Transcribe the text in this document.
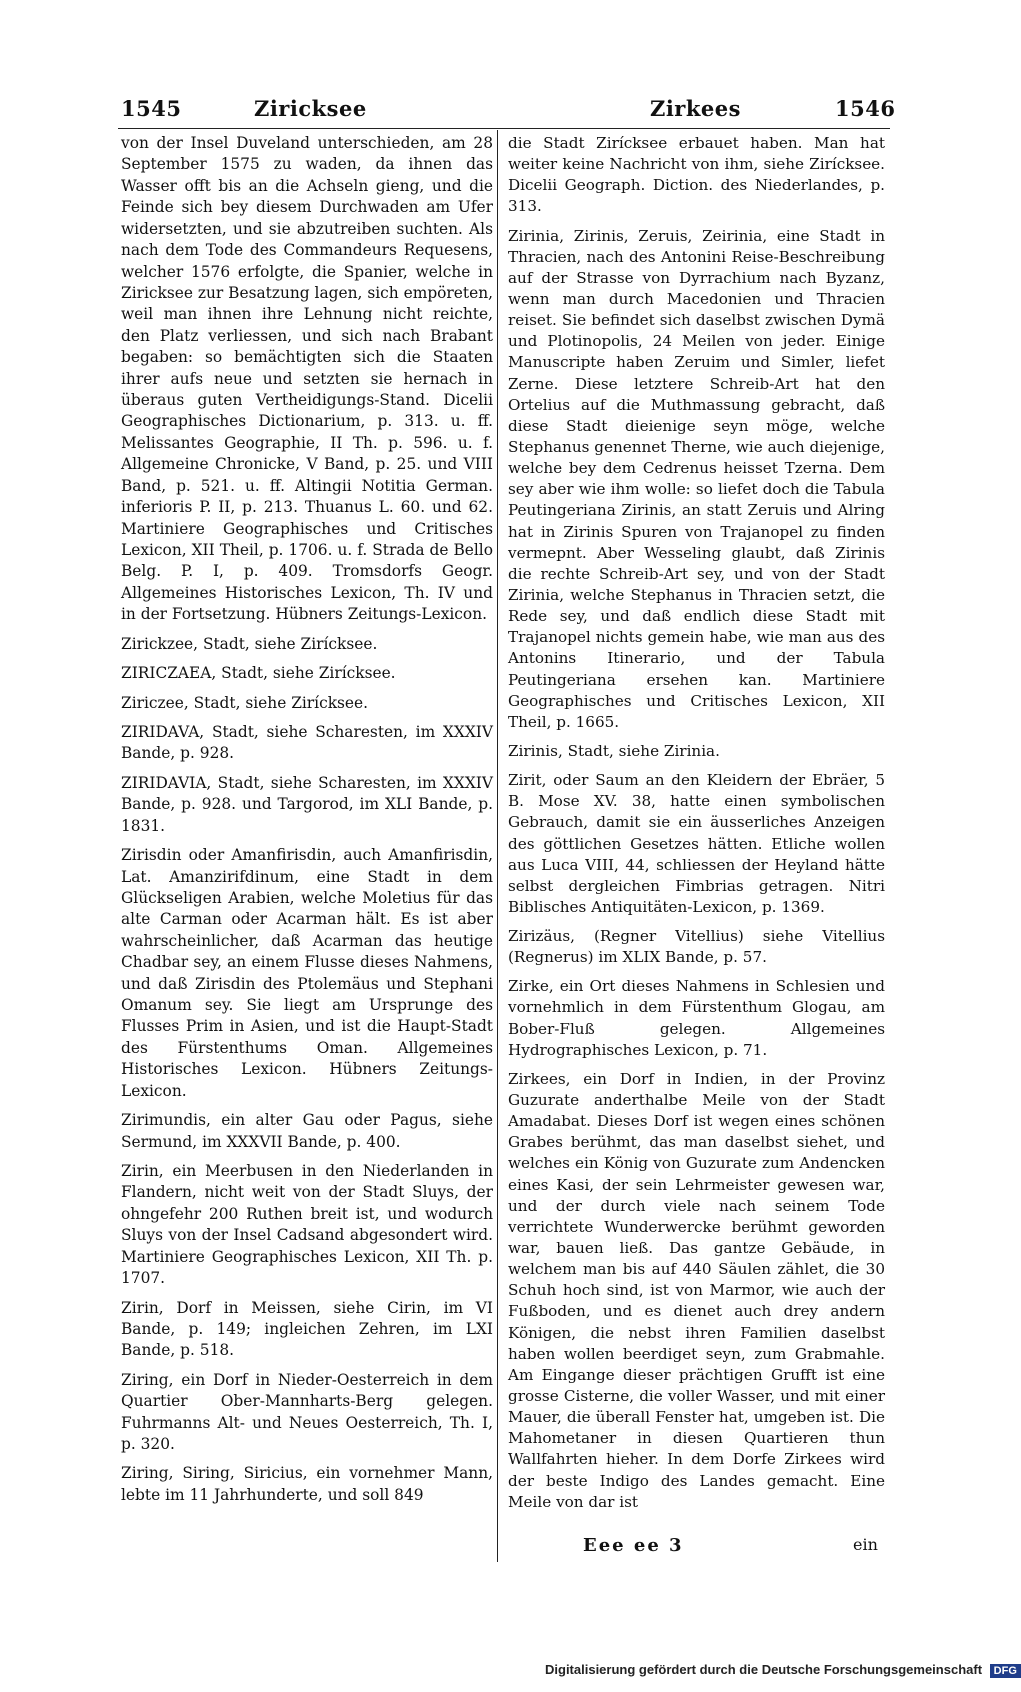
1545	Ziricksee	Zirkees	1546

von der Insel Duveland unterschieden, am 28 September 1575 zu waden, da ihnen das Wasser offt bis an die Achseln gieng, und die Feinde sich bey diesem Durchwaden am Ufer widersetzten, und sie abzutreiben suchten. Als nach dem Tode des Commandeurs Requesens, welcher 1576 erfolgte, die Spanier, welche in Ziricksee zur Besatzung lagen, sich empöreten, weil man ihnen ihre Lehnung nicht reichte, den Platz verliessen, und sich nach Brabant begaben: so bemächtigten sich die Staaten ihrer aufs neue und setzten sie hernach in überaus guten Vertheidigungs-Stand. Dicelii Geographisches Dictionarium, p. 313. u. ff. Melissantes Geographie, II Th. p. 596. u. f. Allgemeine Chronicke, V Band, p. 25. und VIII Band, p. 521. u. ff. Altingii Notitia German. inferioris P. II, p. 213. Thuanus L. 60. und 62. Martiniere Geographisches und Critisches Lexicon, XII Theil, p. 1706. u. f. Strada de Bello Belg. P. I, p. 409. Tromsdorfs Geogr. Allgemeines Historisches Lexicon, Th. IV und in der Fortsetzung. Hübners Zeitungs-Lexicon.

Zirickzee, Stadt, siehe Zirícksee.

ZIRICZAEA, Stadt, siehe Zirícksee.

Ziriczee, Stadt, siehe Zirícksee.

ZIRIDAVA, Stadt, siehe Scharesten, im XXXIV Bande, p. 928.

ZIRIDAVIA, Stadt, siehe Scharesten, im XXXIV Bande, p. 928. und Targorod, im XLI Bande, p. 1831.

Zirisdin oder Amanfirisdin, auch Amanfirisdin, Lat. Amanzirifdinum, eine Stadt in dem Glückseligen Arabien, welche Moletius für das alte Carman oder Acarman hält. Es ist aber wahrscheinlicher, daß Acarman das heutige Chadbar sey, an einem Flusse dieses Nahmens, und daß Zirisdin des Ptolemäus und Stephani Omanum sey. Sie liegt am Ursprunge des Flusses Prim in Asien, und ist die Haupt-Stadt des Fürstenthums Oman. Allgemeines Historisches Lexicon. Hübners Zeitungs-Lexicon.

Zirimundis, ein alter Gau oder Pagus, siehe Sermund, im XXXVII Bande, p. 400.

Zirin, ein Meerbusen in den Niederlanden in Flandern, nicht weit von der Stadt Sluys, der ohngefehr 200 Ruthen breit ist, und wodurch Sluys von der Insel Cadsand abgesondert wird. Martiniere Geographisches Lexicon, XII Th. p. 1707.

Zirin, Dorf in Meissen, siehe Cirin, im VI Bande, p. 149; ingleichen Zehren, im LXI Bande, p. 518.

Ziring, ein Dorf in Nieder-Oesterreich in dem Quartier Ober-Mannharts-Berg gelegen. Fuhrmanns Alt- und Neues Oesterreich, Th. I, p. 320.

Ziring, Siring, Siricius, ein vornehmer Mann, lebte im 11 Jahrhunderte, und soll 849

die Stadt Zirícksee erbauet haben. Man hat weiter keine Nachricht von ihm, siehe Zirícksee. Dicelii Geograph. Diction. des Niederlandes, p. 313.

Zirinia, Zirinis, Zeruis, Zeirinia, eine Stadt in Thracien, nach des Antonini Reise-Beschreibung auf der Strasse von Dyrrachium nach Byzanz, wenn man durch Macedonien und Thracien reiset. Sie befindet sich daselbst zwischen Dymä und Plotinopolis, 24 Meilen von jeder. Einige Manuscripte haben Zeruim und Simler, liefet Zerne. Diese letztere Schreib-Art hat den Ortelius auf die Muthmassung gebracht, daß diese Stadt dieienige seyn möge, welche Stephanus genennet Therne, wie auch diejenige, welche bey dem Cedrenus heisset Tzerna. Dem sey aber wie ihm wolle: so liefet doch die Tabula Peutingeriana Zirinis, an statt Zeruis und Alring hat in Zirinis Spuren von Trajanopel zu finden vermepnt. Aber Wesseling glaubt, daß Zirinis die rechte Schreib-Art sey, und von der Stadt Zirinia, welche Stephanus in Thracien setzt, die Rede sey, und daß endlich diese Stadt mit Trajanopel nichts gemein habe, wie man aus des Antonins Itinerario, und der Tabula Peutingeriana ersehen kan. Martiniere Geographisches und Critisches Lexicon, XII Theil, p. 1665.

Zirinis, Stadt, siehe Zirinia.

Zirit, oder Saum an den Kleidern der Ebräer, 5 B. Mose XV. 38, hatte einen symbolischen Gebrauch, damit sie ein äusserliches Anzeigen des göttlichen Gesetzes hätten. Etliche wollen aus Luca VIII, 44, schliessen der Heyland hätte selbst dergleichen Fimbrias getragen. Nitri Biblisches Antiquitäten-Lexicon, p. 1369.

Zirizäus, (Regner Vitellius) siehe Vitellius (Regnerus) im XLIX Bande, p. 57.

Zirke, ein Ort dieses Nahmens in Schlesien und vornehmlich in dem Fürstenthum Glogau, am Bober-Fluß gelegen. Allgemeines Hydrographisches Lexicon, p. 71.

Zirkees, ein Dorf in Indien, in der Provinz Guzurate anderthalbe Meile von der Stadt Amadabat. Dieses Dorf ist wegen eines schönen Grabes berühmt, das man daselbst siehet, und welches ein König von Guzurate zum Andencken eines Kasi, der sein Lehrmeister gewesen war, und der durch viele nach seinem Tode verrichtete Wunderwercke berühmt geworden war, bauen ließ. Das gantze Gebäude, in welchem man bis auf 440 Säulen zählet, die 30 Schuh hoch sind, ist von Marmor, wie auch der Fußboden, und es dienet auch drey andern Königen, die nebst ihren Familien daselbst haben wollen beerdiget seyn, zum Grabmahle. Am Eingange dieser prächtigen Grufft ist eine grosse Cisterne, die voller Wasser, und mit einer Mauer, die überall Fenster hat, umgeben ist. Die Mahometaner in diesen Quartieren thun Wallfahrten hieher. In dem Dorfe Zirkees wird der beste Indigo des Landes gemacht. Eine Meile von dar ist

Eee ee 3	ein
Digitalisierung gefördert durch die Deutsche Forschungsgemeinschaft DFG
